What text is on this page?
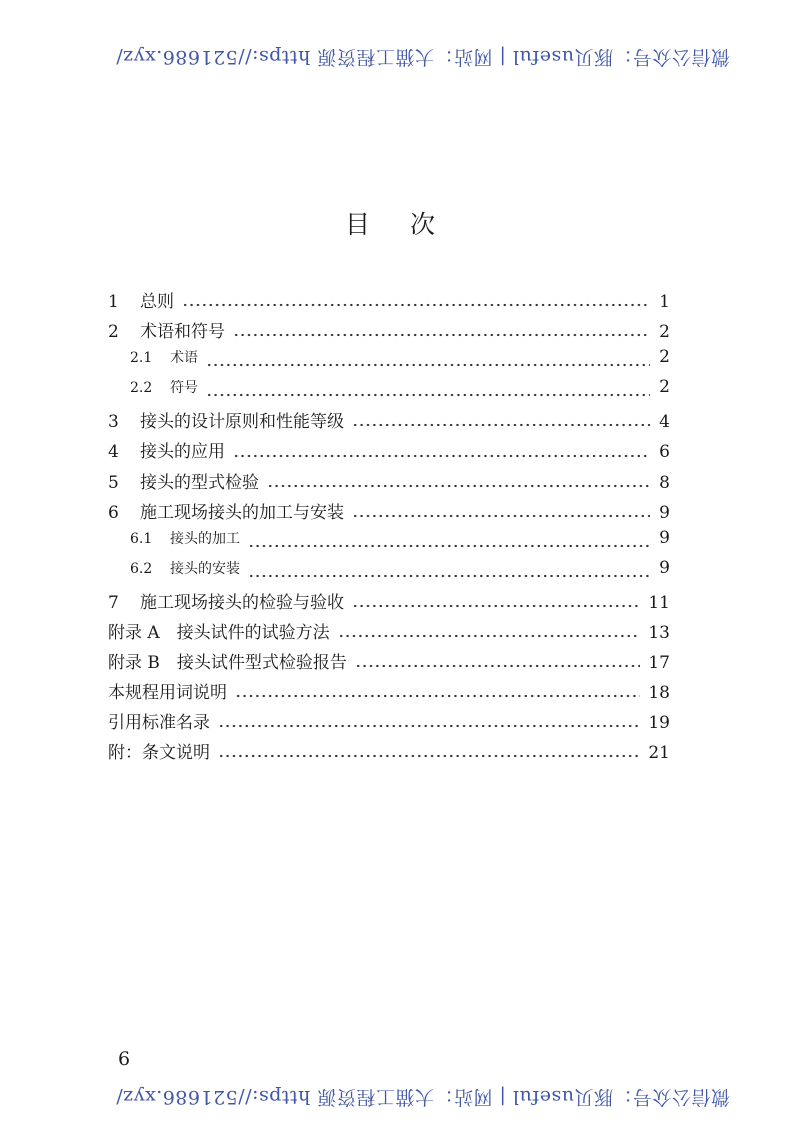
微信公众号：豚贝useful | 网站：大猫工程资源 https://521686.xyz/
目次
1	总则	1
2	术语和符号	2
2.1	术语	2
2.2	符号	2
3	接头的设计原则和性能等级	4
4	接头的应用	6
5	接头的型式检验	8
6	施工现场接头的加工与安装	9
6.1	接头的加工	9
6.2	接头的安装	9
7	施工现场接头的检验与验收	11
附录 A　接头试件的试验方法	13
附录 B　接头试件型式检验报告	17
本规程用词说明	18
引用标准名录	19
附：条文说明	21
6
微信公众号：豚贝useful | 网站：大猫工程资源 https://521686.xyz/
